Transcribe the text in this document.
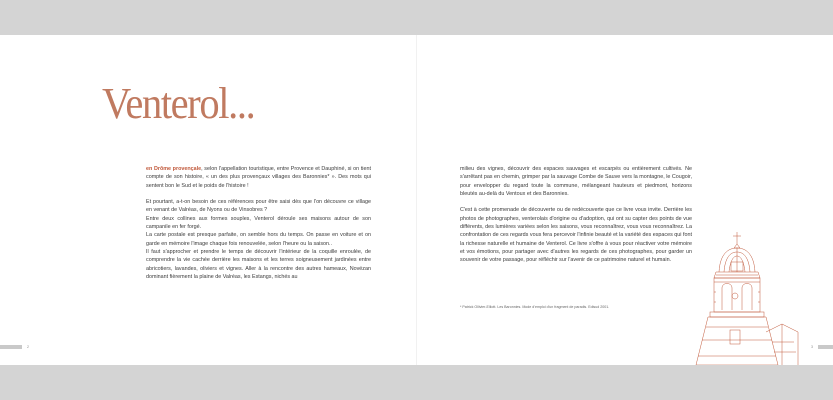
2	3
Venterol...

en Drôme provençale, selon l'appellation touristique, entre Provence et Dauphiné, si on tient compte de son histoire, « un des plus provençaux villages des Baronnies* ». Des mots qui sentent bon le Sud et le poids de l'histoire !

Et pourtant, a-t-on besoin de ces références pour être saisi dès que l'on découvre ce village en venant de Valréas, de Nyons ou de Vinsobres ?

Entre deux collines aux formes souples, Venterol déroule ses maisons autour de son campanile en fer forgé.

La carte postale est presque parfaite, on semble hors du temps. On passe en voiture et on garde en mémoire l'image chaque fois renouvelée, selon l'heure ou la saison..

Il faut s'approcher et prendre le temps de découvrir l'intérieur de la coquille enroulée, de comprendre la vie cachée derrière les maisons et les terres soigneusement jardinées entre abricotiers, lavandes, oliviers et vignes. Aller à la rencontre des autres hameaux, Novézan dominant fièrement la plaine de Valréas, les Estangs, nichés au

milieu des vignes, découvrir des espaces sauvages et escarpés ou entièrement cultivés. Ne s'arrêtant pas en chemin, grimper par la sauvage Combe de Sauve vers la montagne, le Cougoir, pour envelopper du regard toute la commune, mélangeant hauteurs et piedmont, horizons bleutés au-delà du Ventoux et des Baronnies.

C'est à cette promenade de découverte ou de redécouverte que ce livre vous invite. Derrière les photos de photographes, venterolais d'origine ou d'adoption, qui ont su capter des points de vue différents, des lumières variées selon les saisons, vous reconnaîtrez, vous vous reconnaîtrez. La confrontation de ces regards vous fera percevoir l'infinie beauté et la variété des espaces qui font la richesse naturelle et humaine de Venterol. Ce livre s'offre à vous pour réactiver votre mémoire et vos émotions, pour partager avec d'autres les regards de ces photographes, pour garder un souvenir de votre passage, pour réfléchir sur l'avenir de ce patrimoine naturel et humain.

* Patrick Ollivier-Elliott. Les Baronnies. Mode d'emploi d'un fragment de paradis. Edisud 2001.
